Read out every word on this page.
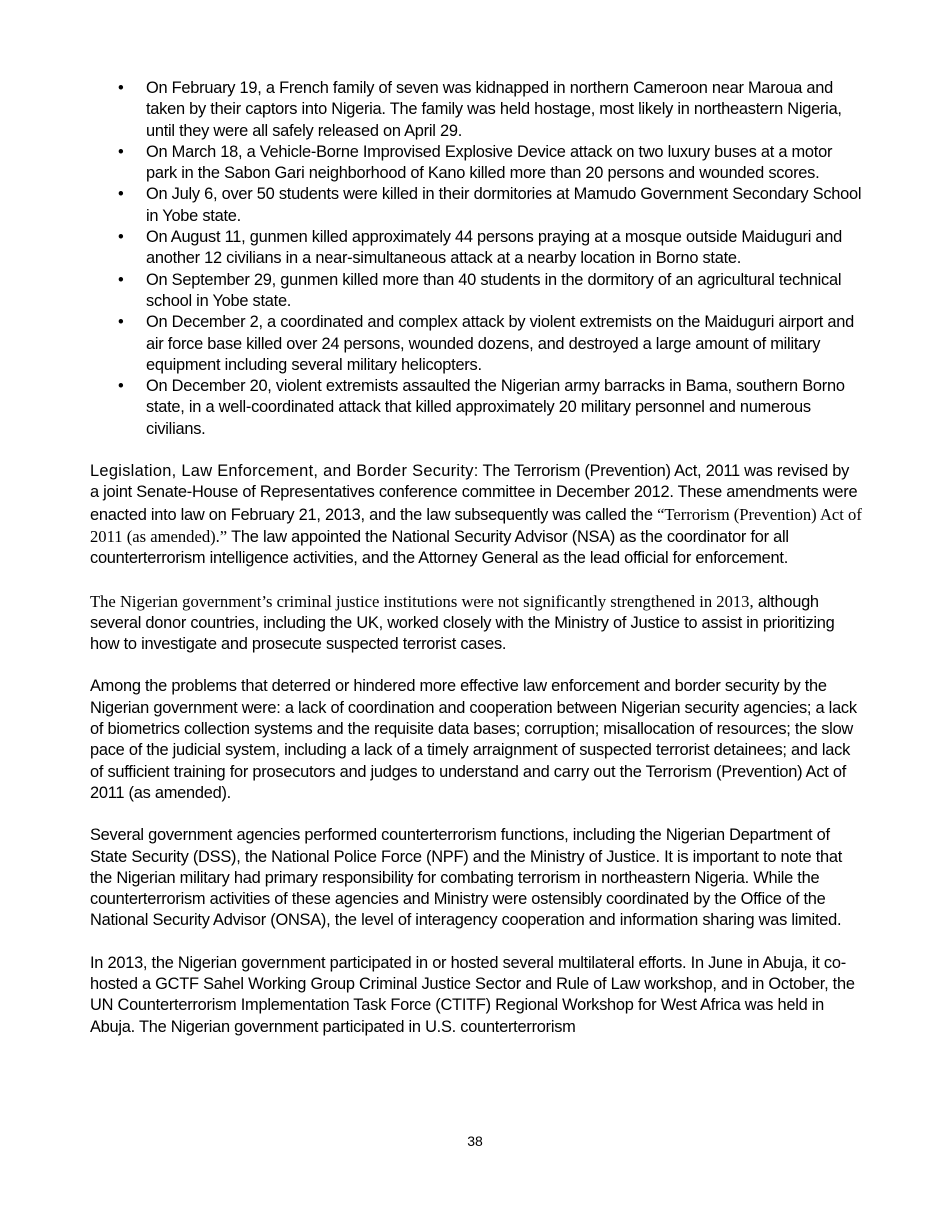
• On February 19, a French family of seven was kidnapped in northern Cameroon near Maroua and taken by their captors into Nigeria. The family was held hostage, most likely in northeastern Nigeria, until they were all safely released on April 29.
• On March 18, a Vehicle-Borne Improvised Explosive Device attack on two luxury buses at a motor park in the Sabon Gari neighborhood of Kano killed more than 20 persons and wounded scores.
• On July 6, over 50 students were killed in their dormitories at Mamudo Government Secondary School in Yobe state.
• On August 11, gunmen killed approximately 44 persons praying at a mosque outside Maiduguri and another 12 civilians in a near-simultaneous attack at a nearby location in Borno state.
• On September 29, gunmen killed more than 40 students in the dormitory of an agricultural technical school in Yobe state.
• On December 2, a coordinated and complex attack by violent extremists on the Maiduguri airport and air force base killed over 24 persons, wounded dozens, and destroyed a large amount of military equipment including several military helicopters.
• On December 20, violent extremists assaulted the Nigerian army barracks in Bama, southern Borno state, in a well-coordinated attack that killed approximately 20 military personnel and numerous civilians.

Legislation, Law Enforcement, and Border Security: The Terrorism (Prevention) Act, 2011 was revised by a joint Senate-House of Representatives conference committee in December 2012. These amendments were enacted into law on February 21, 2013, and the law subsequently was called the “Terrorism (Prevention) Act of 2011 (as amended).” The law appointed the National Security Advisor (NSA) as the coordinator for all counterterrorism intelligence activities, and the Attorney General as the lead official for enforcement.

The Nigerian government’s criminal justice institutions were not significantly strengthened in 2013, although several donor countries, including the UK, worked closely with the Ministry of Justice to assist in prioritizing how to investigate and prosecute suspected terrorist cases.

Among the problems that deterred or hindered more effective law enforcement and border security by the Nigerian government were: a lack of coordination and cooperation between Nigerian security agencies; a lack of biometrics collection systems and the requisite data bases; corruption; misallocation of resources; the slow pace of the judicial system, including a lack of a timely arraignment of suspected terrorist detainees; and lack of sufficient training for prosecutors and judges to understand and carry out the Terrorism (Prevention) Act of 2011 (as amended).

Several government agencies performed counterterrorism functions, including the Nigerian Department of State Security (DSS), the National Police Force (NPF) and the Ministry of Justice. It is important to note that the Nigerian military had primary responsibility for combating terrorism in northeastern Nigeria. While the counterterrorism activities of these agencies and Ministry were ostensibly coordinated by the Office of the National Security Advisor (ONSA), the level of interagency cooperation and information sharing was limited.

In 2013, the Nigerian government participated in or hosted several multilateral efforts. In June in Abuja, it co-hosted a GCTF Sahel Working Group Criminal Justice Sector and Rule of Law workshop, and in October, the UN Counterterrorism Implementation Task Force (CTITF) Regional Workshop for West Africa was held in Abuja. The Nigerian government participated in U.S. counterterrorism

38
